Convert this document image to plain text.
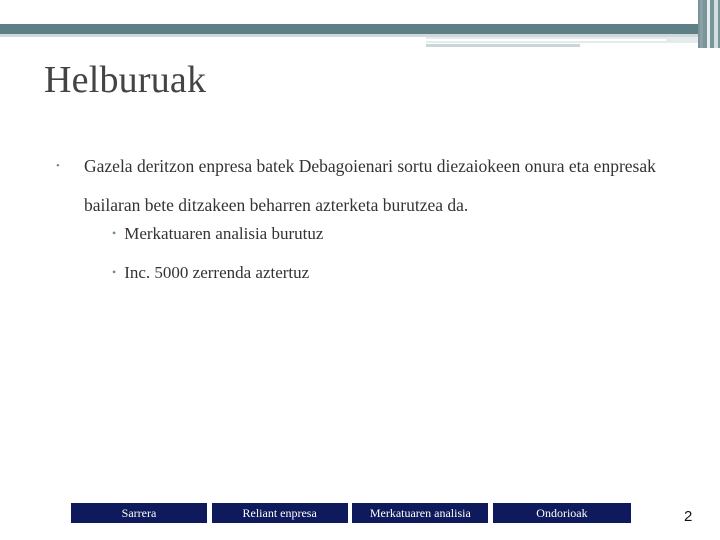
Helburuak
• Gazela deritzon enpresa batek Debagoienari sortu diezaiokeen onura eta enpresak bailaran bete ditzakeen beharren azterketa burutzea da.
• Merkatuaren analisia burutuz
• Inc. 5000 zerrenda aztertuz
Sarrera	Reliant enpresa	Merkatuaren analisia	Ondorioak	2
